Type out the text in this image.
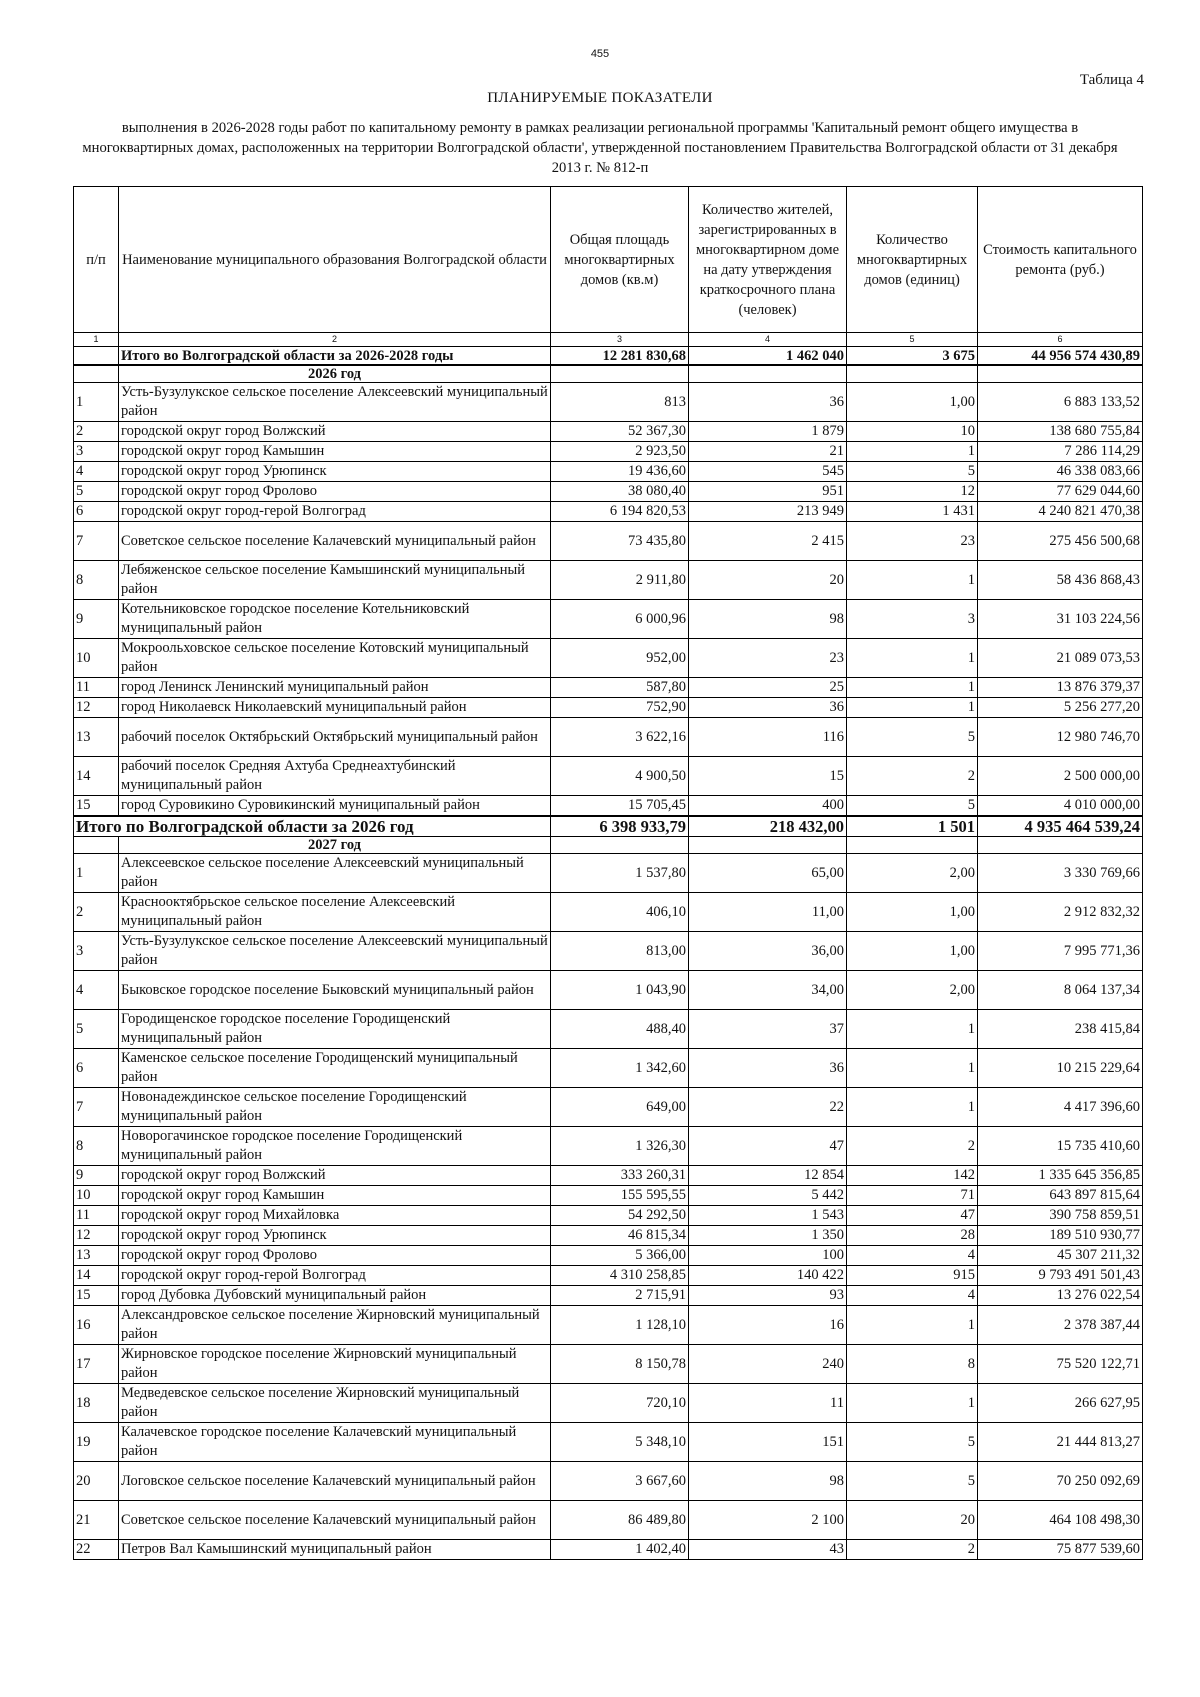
455
Таблица 4
ПЛАНИРУЕМЫЕ ПОКАЗАТЕЛИ
выполнения в 2026-2028 годы работ по капитальному ремонту в рамках реализации региональной программы 'Капитальный ремонт общего имущества в многоквартирных домах, расположенных на территории Волгоградской области', утвержденной постановлением Правительства Волгоградской области от 31 декабря 2013 г. № 812-п
п/п	Наименование муниципального образования Волгоградской области	Общая площадь многоквартирных домов (кв.м)	Количество жителей, зарегистрированных в многоквартирном доме на дату утверждения краткосрочного плана (человек)	Количество многоквартирных домов (единиц)	Стоимость капитального ремонта (руб.)
1	2	3	4	5	6
	Итого во Волгоградской области за 2026-2028 годы	12 281 830,68	1 462 040	3 675	44 956 574 430,89
	2026 год				
1	Усть-Бузулукское сельское поселение Алексеевский муниципальный район	813	36	1,00	6 883 133,52
2	городской округ город Волжский	52 367,30	1 879	10	138 680 755,84
3	городской округ город Камышин	2 923,50	21	1	7 286 114,29
4	городской округ город Урюпинск	19 436,60	545	5	46 338 083,66
5	городской округ город Фролово	38 080,40	951	12	77 629 044,60
6	городской округ город-герой Волгоград	6 194 820,53	213 949	1 431	4 240 821 470,38
7	Советское сельское поселение Калачевский муниципальный район	73 435,80	2 415	23	275 456 500,68
8	Лебяженское сельское поселение Камышинский муниципальный район	2 911,80	20	1	58 436 868,43
9	Котельниковское городское поселение Котельниковский муниципальный район	6 000,96	98	3	31 103 224,56
10	Мокроольховское сельское поселение Котовский муниципальный район	952,00	23	1	21 089 073,53
11	город Ленинск Ленинский муниципальный район	587,80	25	1	13 876 379,37
12	город Николаевск Николаевский муниципальный район	752,90	36	1	5 256 277,20
13	рабочий поселок Октябрьский Октябрьский муниципальный район	3 622,16	116	5	12 980 746,70
14	рабочий поселок Средняя Ахтуба Среднеахтубинский муниципальный район	4 900,50	15	2	2 500 000,00
15	город Суровикино Суровикинский муниципальный район	15 705,45	400	5	4 010 000,00
Итого по Волгоградской области за 2026 год		6 398 933,79	218 432,00	1 501	4 935 464 539,24
	2027 год				
1	Алексеевское сельское поселение Алексеевский муниципальный район	1 537,80	65,00	2,00	3 330 769,66
2	Краснооктябрьское сельское поселение Алексеевский муниципальный район	406,10	11,00	1,00	2 912 832,32
3	Усть-Бузулукское сельское поселение Алексеевский муниципальный район	813,00	36,00	1,00	7 995 771,36
4	Быковское городское поселение Быковский муниципальный район	1 043,90	34,00	2,00	8 064 137,34
5	Городищенское городское поселение Городищенский муниципальный район	488,40	37	1	238 415,84
6	Каменское сельское поселение Городищенский муниципальный район	1 342,60	36	1	10 215 229,64
7	Новонадеждинское сельское поселение Городищенский муниципальный район	649,00	22	1	4 417 396,60
8	Новорогачинское городское поселение Городищенский муниципальный район	1 326,30	47	2	15 735 410,60
9	городской округ город Волжский	333 260,31	12 854	142	1 335 645 356,85
10	городской округ город Камышин	155 595,55	5 442	71	643 897 815,64
11	городской округ город Михайловка	54 292,50	1 543	47	390 758 859,51
12	городской округ город Урюпинск	46 815,34	1 350	28	189 510 930,77
13	городской округ город Фролово	5 366,00	100	4	45 307 211,32
14	городской округ город-герой Волгоград	4 310 258,85	140 422	915	9 793 491 501,43
15	город Дубовка Дубовский муниципальный район	2 715,91	93	4	13 276 022,54
16	Александровское сельское поселение Жирновский муниципальный район	1 128,10	16	1	2 378 387,44
17	Жирновское городское поселение Жирновский муниципальный район	8 150,78	240	8	75 520 122,71
18	Медведевское сельское поселение Жирновский муниципальный район	720,10	11	1	266 627,95
19	Калачевское городское поселение Калачевский муниципальный район	5 348,10	151	5	21 444 813,27
20	Логовское сельское поселение Калачевский муниципальный район	3 667,60	98	5	70 250 092,69
21	Советское сельское поселение Калачевский муниципальный район	86 489,80	2 100	20	464 108 498,30
22	Петров Вал Камышинский муниципальный район	1 402,40	43	2	75 877 539,60
